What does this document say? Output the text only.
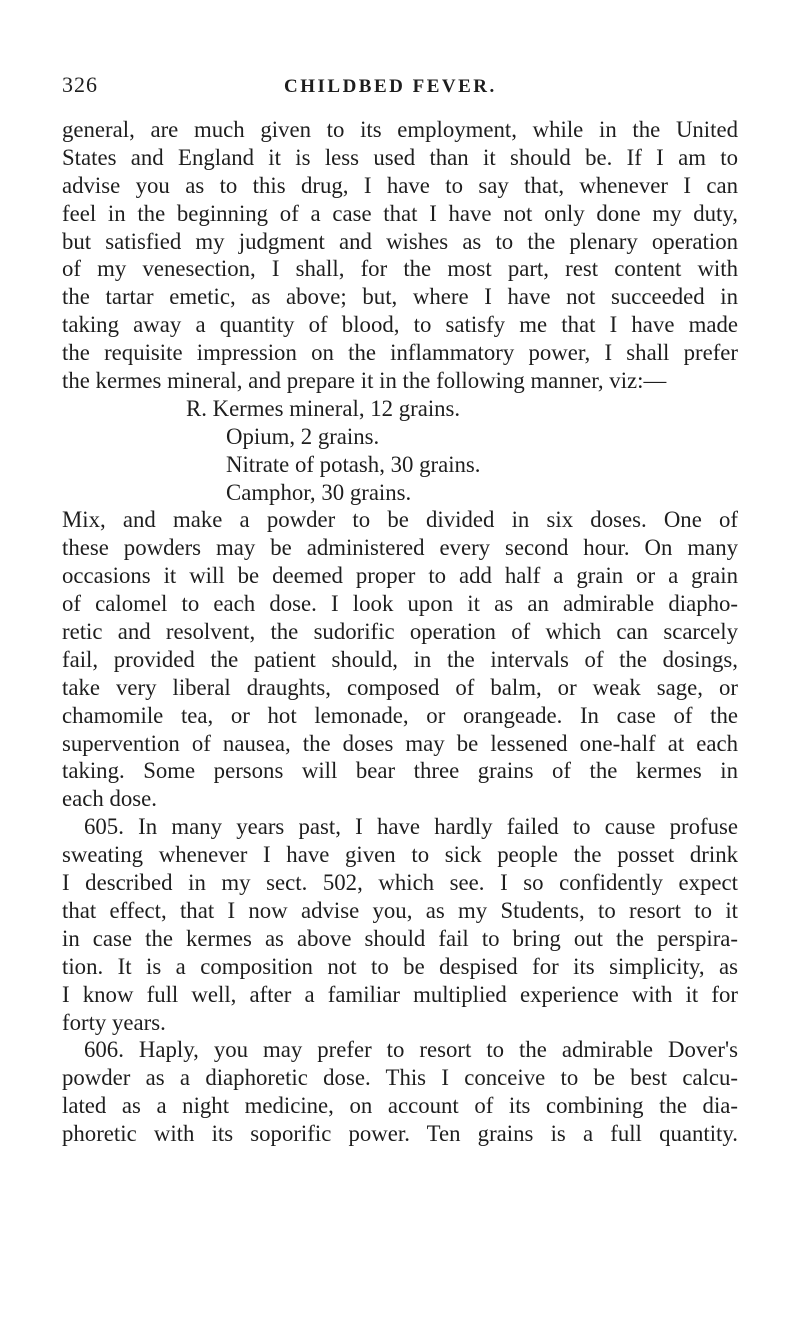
326	CHILDBED FEVER.
general, are much given to its employment, while in the United
States and England it is less used than it should be. If I am to
advise you as to this drug, I have to say that, whenever I can
feel in the beginning of a case that I have not only done my duty,
but satisfied my judgment and wishes as to the plenary operation
of my venesection, I shall, for the most part, rest content with
the tartar emetic, as above; but, where I have not succeeded in
taking away a quantity of blood, to satisfy me that I have made
the requisite impression on the inflammatory power, I shall prefer
the kermes mineral, and prepare it in the following manner, viz:—
R. Kermes mineral, 12 grains.
Opium, 2 grains.
Nitrate of potash, 30 grains.
Camphor, 30 grains.
Mix, and make a powder to be divided in six doses. One of
these powders may be administered every second hour. On many
occasions it will be deemed proper to add half a grain or a grain
of calomel to each dose. I look upon it as an admirable diapho-
retic and resolvent, the sudorific operation of which can scarcely
fail, provided the patient should, in the intervals of the dosings,
take very liberal draughts, composed of balm, or weak sage, or
chamomile tea, or hot lemonade, or orangeade. In case of the
supervention of nausea, the doses may be lessened one-half at each
taking. Some persons will bear three grains of the kermes in
each dose.
605. In many years past, I have hardly failed to cause profuse
sweating whenever I have given to sick people the posset drink
I described in my sect. 502, which see. I so confidently expect
that effect, that I now advise you, as my Students, to resort to it
in case the kermes as above should fail to bring out the perspira-
tion. It is a composition not to be despised for its simplicity, as
I know full well, after a familiar multiplied experience with it for
forty years.
606. Haply, you may prefer to resort to the admirable Dover's
powder as a diaphoretic dose. This I conceive to be best calcu-
lated as a night medicine, on account of its combining the dia-
phoretic with its soporific power. Ten grains is a full quantity.
